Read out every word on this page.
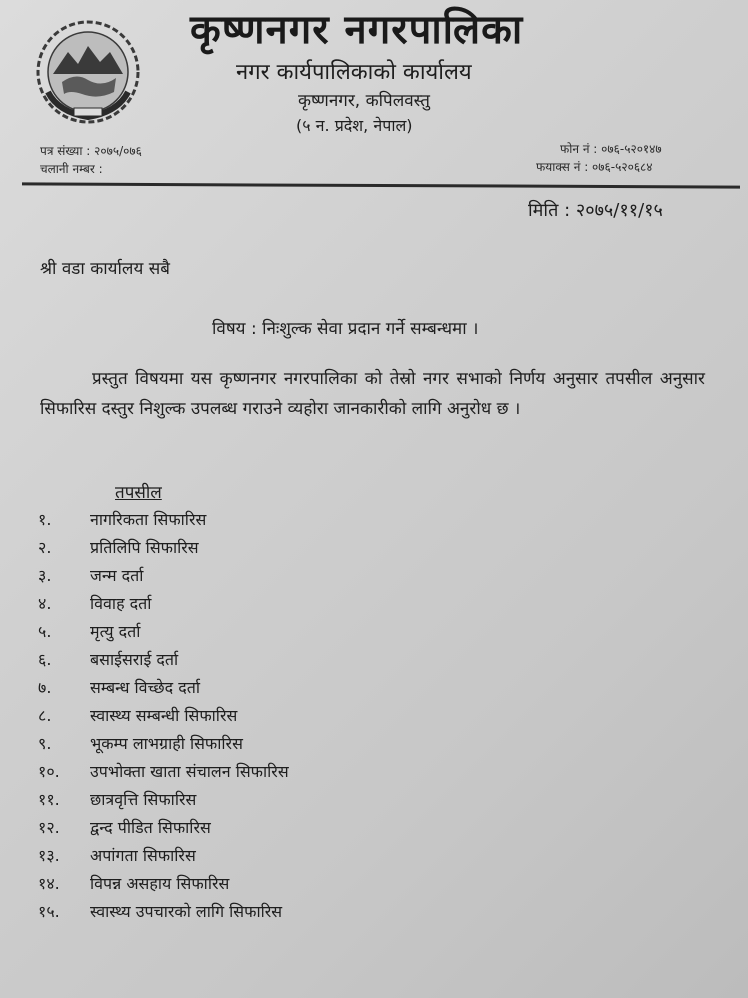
कृष्णनगर नगरपालिका
नगर कार्यपालिकाको कार्यालय
कृष्णनगर, कपिलवस्तु
(५ न. प्रदेश, नेपाल)
पत्र संख्या : २०७५/०७६
चलानी नम्बर :
फोन नं : ०७६-५२०१४७
फयाक्स नं : ०७६-५२०६८४
मिति : २०७५/११/१५
श्री वडा कार्यालय सबै
विषय : निःशुल्क सेवा प्रदान गर्ने सम्बन्धमा ।
प्रस्तुत विषयमा यस कृष्णनगर नगरपालिका को तेस्रो नगर सभाको निर्णय अनुसार तपसील अनुसार सिफारिस दस्तुर निशुल्क उपलब्ध गराउने व्यहोरा जानकारीको लागि अनुरोध छ ।
तपसील
१. नागरिकता सिफारिस
२. प्रतिलिपि सिफारिस
३. जन्म दर्ता
४. विवाह दर्ता
५. मृत्यु दर्ता
६. बसाईसराई दर्ता
७. सम्बन्ध विच्छेद दर्ता
८. स्वास्थ्य सम्बन्धी सिफारिस
९. भूकम्प लाभग्राही सिफारिस
१०. उपभोक्ता खाता संचालन सिफारिस
११. छात्रवृत्ति सिफारिस
१२. द्वन्द पीडित सिफारिस
१३. अपांगता सिफारिस
१४. विपन्न असहाय सिफारिस
१५. स्वास्थ्य उपचारको लागि सिफारिस
